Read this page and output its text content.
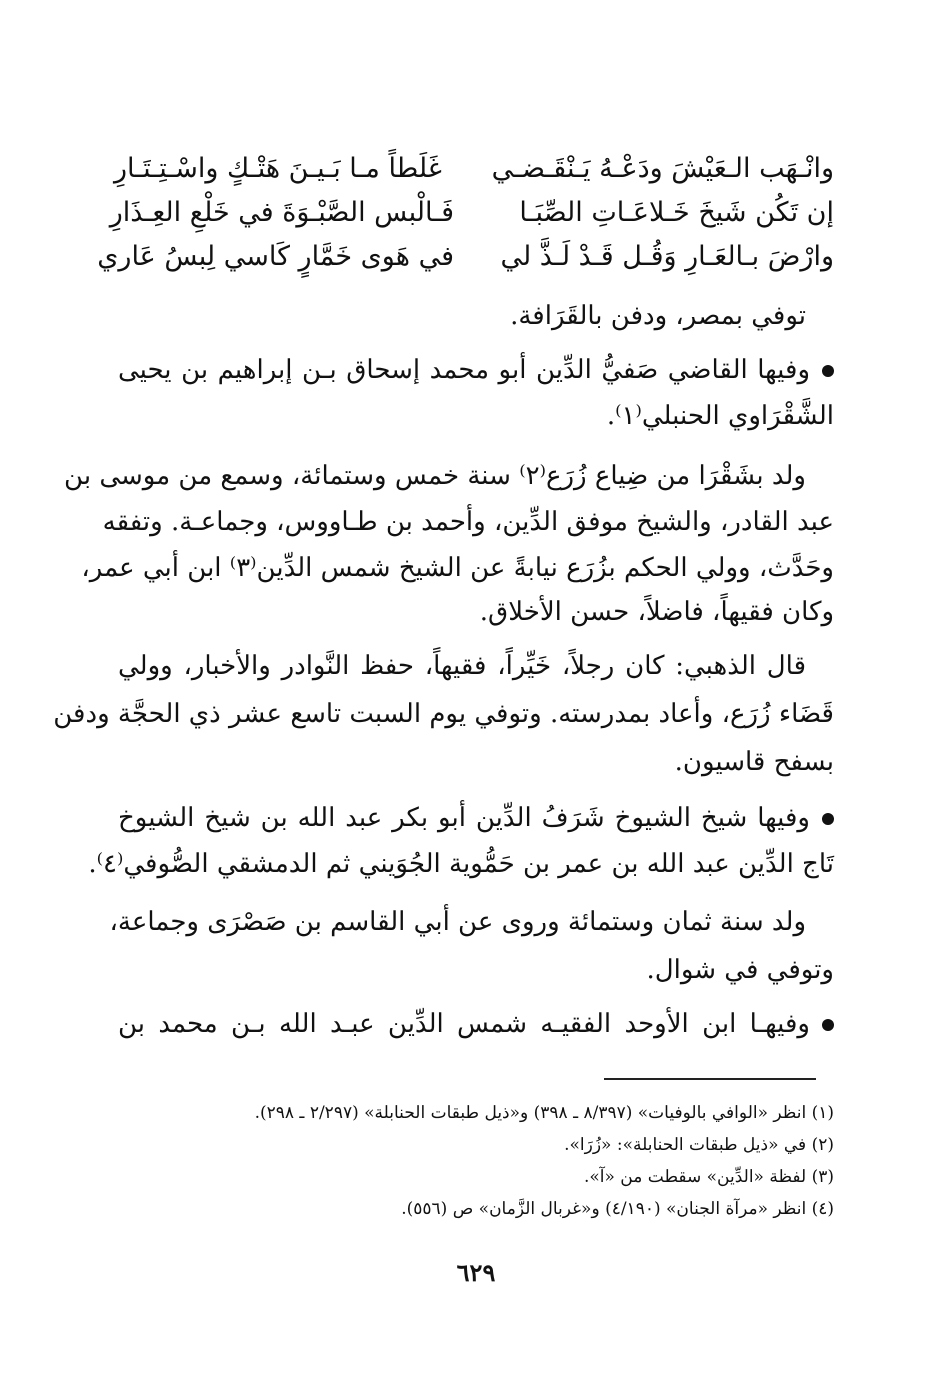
وانْـهَب الـعَيْشَ ودَعْـهُ يَـنْقَـضـي
غَلَطاً مـا بَـيـنَ هَتْـكٍ واسْـتِـتَـارِ
إن تَكُن شَيخَ خَـلاعَـاتِ الصِّبَـا
فَـالْبس الصَّبْـوَةَ في خَلْعِ العِـذَارِ
وارْضَ بـالعَـارِ وَقُـل قَـدْ لَـذَّ لي
في هَوى خَمَّارٍ كَاسي لِبسُ عَاري
توفي بمصر، ودفن بالقَرَافة.
وفيها القاضي صَفيُّ الدِّين أبو محمد إسحاق بـن إبراهيم بن يحيى
الشَّقْرَاوي الحنبلي⁽١⁾.
ولد بشَقْرَا من ضِياع زُرَع⁽٢⁾ سنة خمس وستمائة، وسمع من موسى بن
عبد القادر، والشيخ موفق الدِّين، وأحمد بن طـاووس، وجماعـة. وتفقه
وحَدَّث، وولي الحكم بزُرَع نيابةً عن الشيخ شمس الدِّين⁽٣⁾ ابن أبي عمر،
وكان فقيهاً، فاضلاً، حسن الأخلاق.
قال الذهبي: كان رجلاً، خَيِّراً، فقيهاً، حفظ النَّوادر والأخبار، وولي
قَضَاء زُرَع، وأعاد بمدرسته. وتوفي يوم السبت تاسع عشر ذي الحجَّة ودفن
بسفح قاسيون.
وفيها شيخ الشيوخ شَرَفُ الدِّين أبو بكر عبد الله بن شيخ الشيوخ
تَاج الدِّين عبد الله بن عمر بن حَمُّوية الجُوَيني ثم الدمشقي الصُّوفي⁽٤⁾.
ولد سنة ثمان وستمائة وروى عن أبي القاسم بن صَصْرَى وجماعة،
وتوفي في شوال.
وفيهـا ابن الأوحد الفقيـه شمس الدِّين عبـد الله بـن محمد بن
(١) انظر «الوافي بالوفيات» (٨/٣٩٧ ـ ٣٩٨) و«ذيل طبقات الحنابلة» (٢/٢٩٧ ـ ٢٩٨).
(٢) في «ذيل طبقات الحنابلة»: «زُرَا».
(٣) لفظة «الدِّين» سقطت من «آ».
(٤) انظر «مرآة الجنان» (٤/١٩٠) و«غربال الزَّمان» ص (٥٥٦).
٦٢٩
